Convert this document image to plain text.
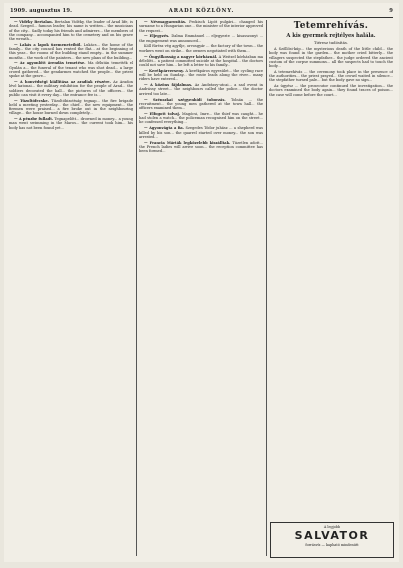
1909. augusztus 19.	ARADI KÖZLÖNY.	9

— Vidéky Bertalan. Bertalan Vidéky, the leader of Arad life, is dead. Szeged... famous leader, his name is written... the musicians of the city... Sadly today his friends and admirers... the members of the company... accompanied him to the cemetery and on his grave the wreath...

— Lakás a lapok üzemeneteiből. Lukács... the home of the family... the city council has rented the flat... at the beginning of this year... the rooms of the building stand empty... in the summer months... the work of the painters... the new plans of the building...

— Az agyonlőtt árendás temetése. Ma délután temették el Gyulán a... the funeral of the tenant who was shot dead... a large crowd gathered... the gendarmes watched the people... the priest spoke at the grave...

— A honvédségi kiállítása az aradiak részére. Az Aradon lévő katonai... the military exhibition for the people of Arad... the soldiers decorated the hall... the pictures of the officers... the public can visit it every day... the entrance fee is...

— Tüzoltófecske. Tűzoltóbizottság tegnap... the fire brigade held a meeting yesterday... the chief... the new equipment... the firemen were praised... a fire broke out in the neighbouring village... the house burned down completely...

— A pénzbe fulladt. Tegnapelőtt... drowned in money... a young man went swimming in the Maros... the current took him... his body has not been found yet...

— Névmagyarosítás. Prokisch Lipót pulgári... changed his surname to a Hungarian one... the minister of the interior approved the request...

— Eljegyzés. Dalma Emmánuel ... eljegyezte ... kisasszonyt ... the engagement was announced...

Köll fűrész vég agytlje, orvosgyár ... the factory of the town... the workers went on strike... the owners negotiated with them...

— Öngyilkosság a nagyer kórháznál. A Weitzel kórházban ma délelőtt... a patient committed suicide at the hospital... the doctors could not save him... he left a letter to his family...

— Kerékpárverseny. A kerékpáros egyesület... the cycling race will be held on Sunday... the route leads along the river... many riders have entered...

— A közöns fájdalmas. Az Andrássy-utcai... a sad event in Andrássy street... the neighbours called the police... the doctor arrived too late...

— Szénszkai szégyenhídi toborzás. Tolnán ... the recruitment... the young men gathered at the town hall... the officers examined them...

— Elfogott tolvaj. Magócsi, Imre... the thief was caught... he had stolen a watch... the policeman recognised him on the street... he confessed everything...

— Agyonvágta a fia. Szegedes Tódor juhász ... a shepherd was killed by his son... the quarrel started over money... the son was arrested...

— Francia Márták legközelebb kiszálltak. Tüzetlen adott... the French ladies will arrive soon... the reception committee has been formed...

Tetemrehívás.
A kis gyermek rejtélyes halála.
Tiéresz tudósítás.

A Szőllősi-kúp... the mysterious death of the little child... the body was found in the garden... the mother cried bitterly... the villagers suspected the stepfather... the judge ordered the ancient custom of the corpse summons... all the suspects had to touch the body...

A tetemrehívás ... the ceremony took place in the presence of the authorities... the priest prayed... the crowd waited in silence... the stepfather turned pale... but the body gave no sign...

Az ügyész ... the prosecutor continued the investigation... the doctors examined the body again... they found traces of poison... the case will come before the court...

A legjobb
SALVATOR
forrásvíz — kapható mindenütt
